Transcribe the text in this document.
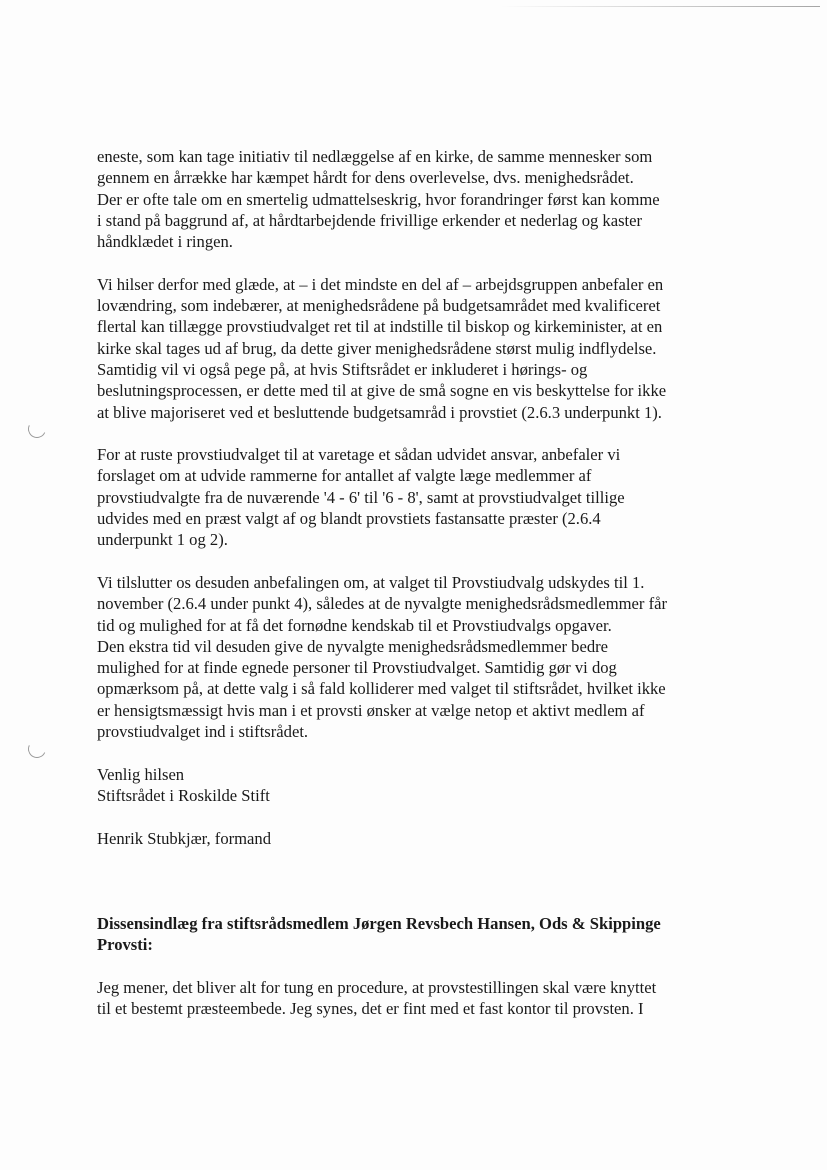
eneste, som kan tage initiativ til nedlæggelse af en kirke, de samme mennesker som
gennem en årrække har kæmpet hårdt for dens overlevelse, dvs. menighedsrådet.
Der er ofte tale om en smertelig udmattelseskrig, hvor forandringer først kan komme
i stand på baggrund af, at hårdtarbejdende frivillige erkender et nederlag og kaster
håndklædet i ringen.
Vi hilser derfor med glæde, at – i det mindste en del af – arbejdsgruppen anbefaler en
lovændring, som indebærer, at menighedsrådene på budgetsamrådet med kvalificeret
flertal kan tillægge provstiudvalget ret til at indstille til biskop og kirkeminister, at en
kirke skal tages ud af brug, da dette giver menighedsrådene størst mulig indflydelse.
Samtidig vil vi også pege på, at hvis Stiftsrådet er inkluderet i hørings- og
beslutningsprocessen, er dette med til at give de små sogne en vis beskyttelse for ikke
at blive majoriseret ved et besluttende budgetsamråd i provstiet (2.6.3 underpunkt 1).
For at ruste provstiudvalget til at varetage et sådan udvidet ansvar, anbefaler vi
forslaget om at udvide rammerne for antallet af valgte læge medlemmer af
provstiudvalgte fra de nuværende '4 - 6' til '6 - 8', samt at provstiudvalget tillige
udvides med en præst valgt af og blandt provstiets fastansatte præster (2.6.4
underpunkt 1 og 2).
Vi tilslutter os desuden anbefalingen om, at valget til Provstiudvalg udskydes til 1.
november (2.6.4 under punkt 4), således at de nyvalgte menighedsrådsmedlemmer får
tid og mulighed for at få det fornødne kendskab til et Provstiudvalgs opgaver.
Den ekstra tid vil desuden give de nyvalgte menighedsrådsmedlemmer bedre
mulighed for at finde egnede personer til Provstiudvalget. Samtidig gør vi dog
opmærksom på, at dette valg i så fald kolliderer med valget til stiftsrådet, hvilket ikke
er hensigtsmæssigt hvis man i et provsti ønsker at vælge netop et aktivt medlem af
provstiudvalget ind i stiftsrådet.
Venlig hilsen
Stiftsrådet i Roskilde Stift
Henrik Stubkjær, formand
Dissensindlæg fra stiftsrådsmedlem Jørgen Revsbech Hansen, Ods & Skippinge
Provsti:
Jeg mener, det bliver alt for tung en procedure, at provstestillingen skal være knyttet
til et bestemt præsteembede. Jeg synes, det er fint med et fast kontor til provsten. I
